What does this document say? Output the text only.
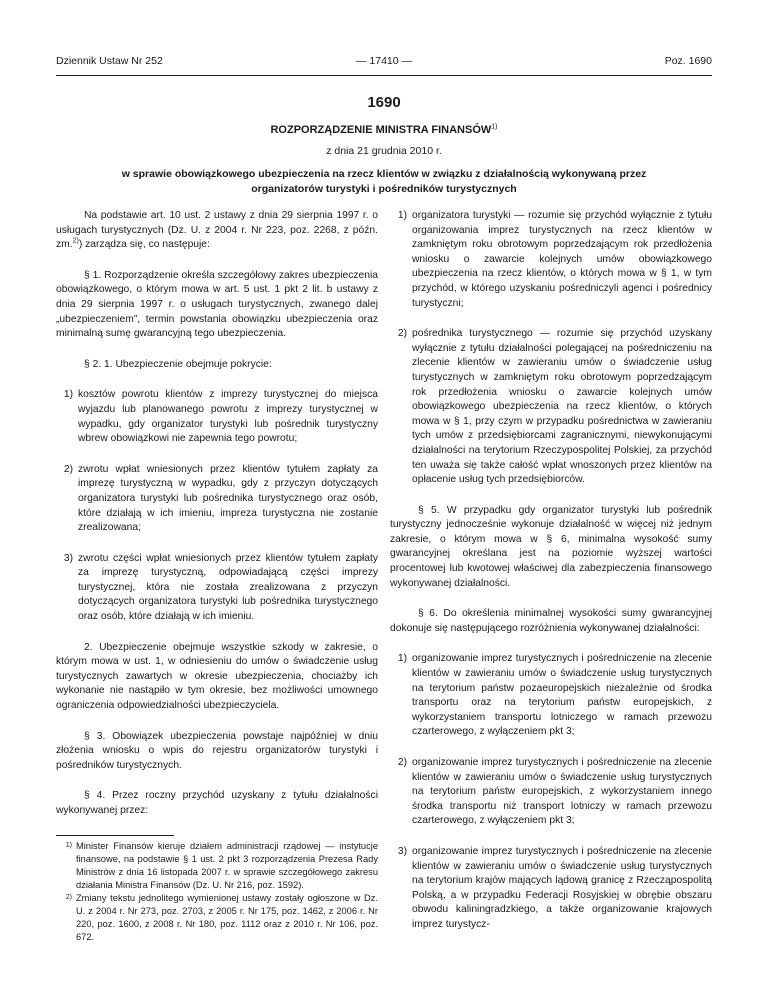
Dziennik Ustaw Nr 252	— 17410 —	Poz. 1690
1690
ROZPORZĄDZENIE MINISTRA FINANSÓW$^{1)}$
z dnia 21 grudnia 2010 r.
w sprawie obowiązkowego ubezpieczenia na rzecz klientów w związku z działalnością wykonywaną przez organizatorów turystyki i pośredników turystycznych

Na podstawie art. 10 ust. 2 ustawy z dnia 29 sierpnia 1997 r. o usługach turystycznych (Dz. U. z 2004 r. Nr 223, poz. 2268, z późn. zm.$^{2)}$) zarządza się, co następuje:

§ 1. Rozporządzenie określa szczegółowy zakres ubezpieczenia obowiązkowego, o którym mowa w art. 5 ust. 1 pkt 2 lit. b ustawy z dnia 29 sierpnia 1997 r. o usługach turystycznych, zwanego dalej „ubezpieczeniem”, termin powstania obowiązku ubezpieczenia oraz minimalną sumę gwarancyjną tego ubezpieczenia.

§ 2. 1. Ubezpieczenie obejmuje pokrycie:

1) kosztów powrotu klientów z imprezy turystycznej do miejsca wyjazdu lub planowanego powrotu z imprezy turystycznej w wypadku, gdy organizator turystyki lub pośrednik turystyczny wbrew obowiązkowi nie zapewnia tego powrotu;
2) zwrotu wpłat wniesionych przez klientów tytułem zapłaty za imprezę turystyczną w wypadku, gdy z przyczyn dotyczących organizatora turystyki lub pośrednika turystycznego oraz osób, które działają w ich imieniu, impreza turystyczna nie zostanie zrealizowana;
3) zwrotu części wpłat wniesionych przez klientów tytułem zapłaty za imprezę turystyczną, odpowiadającą części imprezy turystycznej, która nie została zrealizowana z przyczyn dotyczących organizatora turystyki lub pośrednika turystycznego oraz osób, które działają w ich imieniu.

2. Ubezpieczenie obejmuje wszystkie szkody w zakresie, o którym mowa w ust. 1, w odniesieniu do umów o świadczenie usług turystycznych zawartych w okresie ubezpieczenia, chociażby ich wykonanie nie nastąpiło w tym okresie, bez możliwości umownego ograniczenia odpowiedzialności ubezpieczyciela.

§ 3. Obowiązek ubezpieczenia powstaje najpóźniej w dniu złożenia wniosku o wpis do rejestru organizatorów turystyki i pośredników turystycznych.

§ 4. Przez roczny przychód uzyskany z tytułu działalności wykonywanej przez:

1) Minister Finansów kieruje działem administracji rządowej — instytucje finansowe, na podstawie § 1 ust. 2 pkt 3 rozporządzenia Prezesa Rady Ministrów z dnia 16 listopada 2007 r. w sprawie szczegółowego zakresu działania Ministra Finansów (Dz. U. Nr 216, poz. 1592).
2) Zmiany tekstu jednolitego wymienionej ustawy zostały ogłoszone w Dz. U. z 2004 r. Nr 273, poz. 2703, z 2005 r. Nr 175, poz. 1462, z 2006 r. Nr 220, poz. 1600, z 2008 r. Nr 180, poz. 1112 oraz z 2010 r. Nr 106, poz. 672.
1) organizatora turystyki — rozumie się przychód wyłącznie z tytułu organizowania imprez turystycznych na rzecz klientów w zamkniętym roku obrotowym poprzedzającym rok przedłożenia wniosku o zawarcie kolejnych umów obowiązkowego ubezpieczenia na rzecz klientów, o których mowa w § 1, w tym przychód, w którego uzyskaniu pośredniczyli agenci i pośrednicy turystyczni;
2) pośrednika turystycznego — rozumie się przychód uzyskany wyłącznie z tytułu działalności polegającej na pośredniczeniu na zlecenie klientów w zawieraniu umów o świadczenie usług turystycznych w zamkniętym roku obrotowym poprzedzającym rok przedłożenia wniosku o zawarcie kolejnych umów obowiązkowego ubezpieczenia na rzecz klientów, o których mowa w § 1, przy czym w przypadku pośrednictwa w zawieraniu tych umów z przedsiębiorcami zagranicznymi, niewykonującymi działalności na terytorium Rzeczypospolitej Polskiej, za przychód ten uważa się także całość wpłat wnoszonych przez klientów na opłacenie usług tych przedsiębiorców.

§ 5. W przypadku gdy organizator turystyki lub pośrednik turystyczny jednocześnie wykonuje działalność w więcej niż jednym zakresie, o którym mowa w § 6, minimalna wysokość sumy gwarancyjnej określana jest na poziomie wyższej wartości procentowej lub kwotowej właściwej dla zabezpieczenia finansowego wykonywanej działalności.

§ 6. Do określenia minimalnej wysokości sumy gwarancyjnej dokonuje się następującego rozróżnienia wykonywanej działalności:

1) organizowanie imprez turystycznych i pośredniczenie na zlecenie klientów w zawieraniu umów o świadczenie usług turystycznych na terytorium państw pozaeuropejskich niezależnie od środka transportu oraz na terytorium państw europejskich, z wykorzystaniem transportu lotniczego w ramach przewozu czarterowego, z wyłączeniem pkt 3;
2) organizowanie imprez turystycznych i pośredniczenie na zlecenie klientów w zawieraniu umów o świadczenie usług turystycznych na terytorium państw europejskich, z wykorzystaniem innego środka transportu niż transport lotniczy w ramach przewozu czarterowego, z wyłączeniem pkt 3;
3) organizowanie imprez turystycznych i pośredniczenie na zlecenie klientów w zawieraniu umów o świadczenie usług turystycznych na terytorium krajów mających lądową granicę z Rzecząpospolitą Polską, a w przypadku Federacji Rosyjskiej w obrębie obszaru obwodu kaliningradzkiego, a także organizowanie krajowych imprez turystycz-
